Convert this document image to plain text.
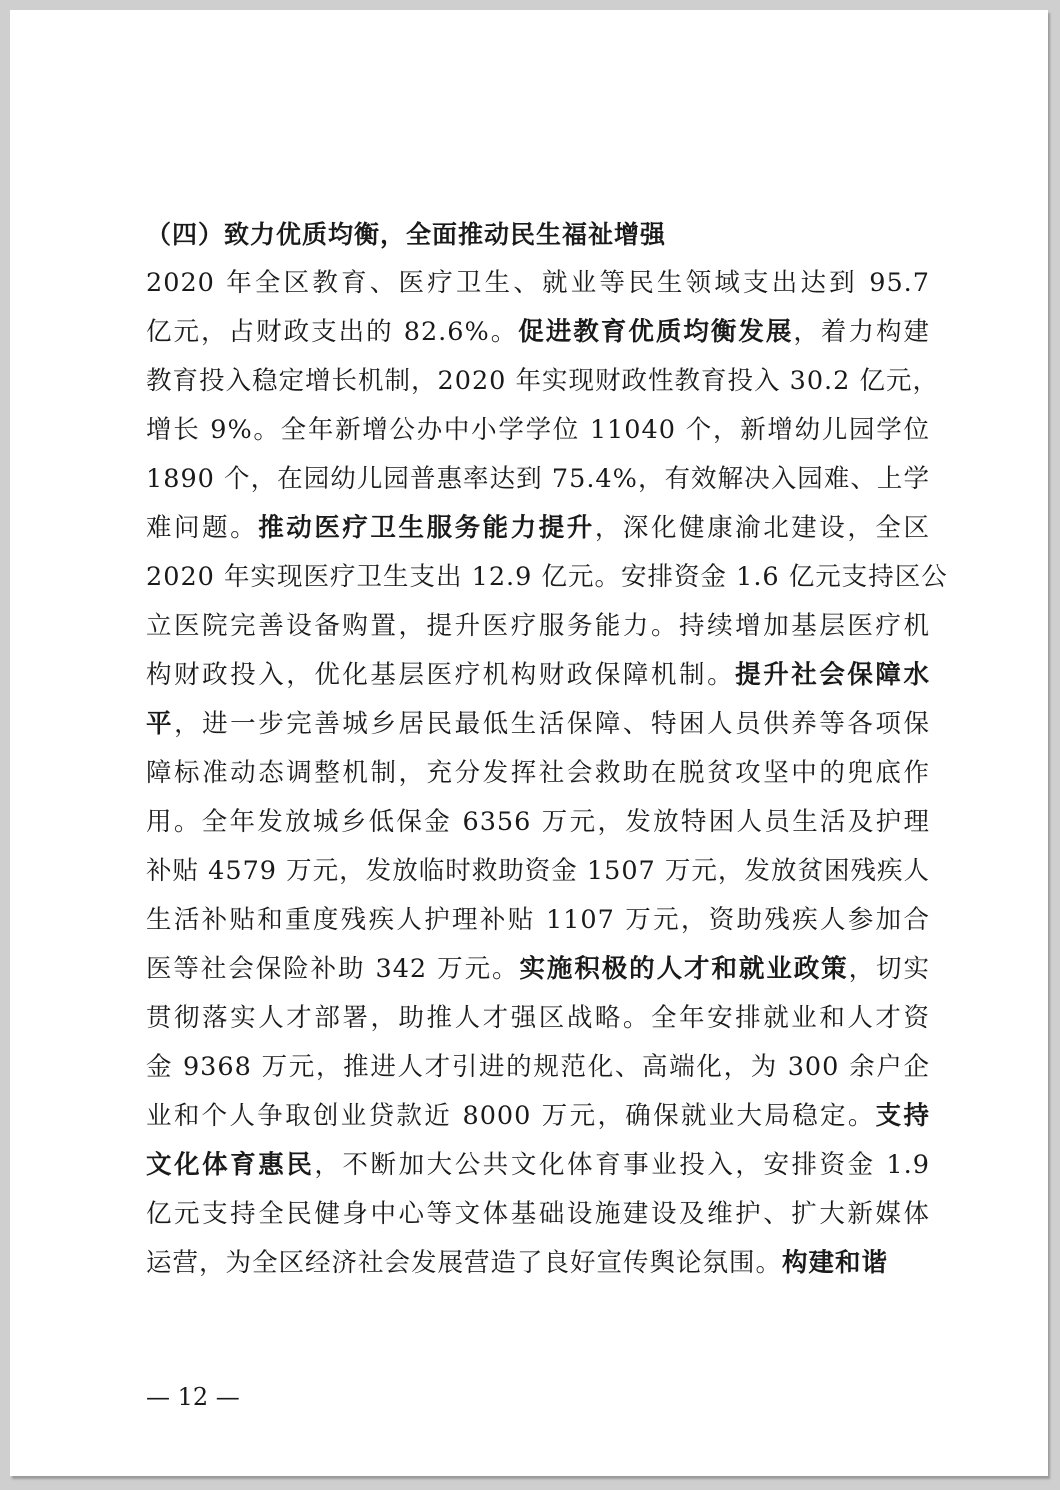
（四）致力优质均衡，全面推动民生福祉增强
2020 年全区教育、医疗卫生、就业等民生领域支出达到 95.7
亿元，占财政支出的 82.6%。促进教育优质均衡发展，着力构建
教育投入稳定增长机制，2020 年实现财政性教育投入 30.2 亿元，
增长 9%。全年新增公办中小学学位 11040 个，新增幼儿园学位
1890 个，在园幼儿园普惠率达到 75.4%，有效解决入园难、上学
难问题。推动医疗卫生服务能力提升，深化健康渝北建设，全区
2020 年实现医疗卫生支出 12.9 亿元。安排资金 1.6 亿元支持区公
立医院完善设备购置，提升医疗服务能力。持续增加基层医疗机
构财政投入，优化基层医疗机构财政保障机制。提升社会保障水
平，进一步完善城乡居民最低生活保障、特困人员供养等各项保
障标准动态调整机制，充分发挥社会救助在脱贫攻坚中的兜底作
用。全年发放城乡低保金 6356 万元，发放特困人员生活及护理
补贴 4579 万元，发放临时救助资金 1507 万元，发放贫困残疾人
生活补贴和重度残疾人护理补贴 1107 万元，资助残疾人参加合
医等社会保险补助 342 万元。实施积极的人才和就业政策，切实
贯彻落实人才部署，助推人才强区战略。全年安排就业和人才资
金 9368 万元，推进人才引进的规范化、高端化，为 300 余户企
业和个人争取创业贷款近 8000 万元，确保就业大局稳定。支持
文化体育惠民，不断加大公共文化体育事业投入，安排资金 1.9
亿元支持全民健身中心等文体基础设施建设及维护、扩大新媒体
运营，为全区经济社会发展营造了良好宣传舆论氛围。构建和谐
— 12 —
